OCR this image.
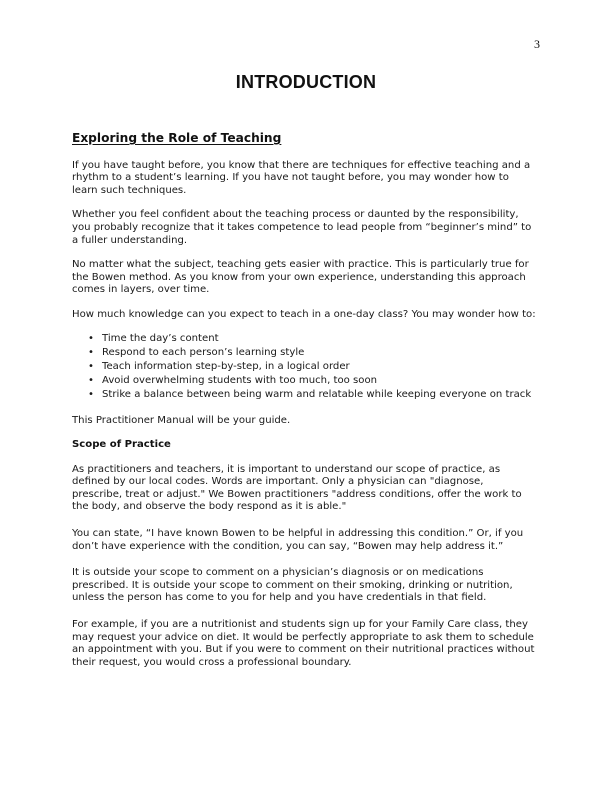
3
INTRODUCTION
Exploring the Role of Teaching

If you have taught before, you know that there are techniques for effective teaching and a rhythm to a student’s learning. If you have not taught before, you may wonder how to learn such techniques.

Whether you feel confident about the teaching process or daunted by the responsibility, you probably recognize that it takes competence to lead people from “beginner’s mind” to a fuller understanding.

No matter what the subject, teaching gets easier with practice. This is particularly true for the Bowen method. As you know from your own experience, understanding this approach comes in layers, over time.

How much knowledge can you expect to teach in a one-day class? You may wonder how to:

• Time the day’s content
• Respond to each person’s learning style
• Teach information step-by-step, in a logical order
• Avoid overwhelming students with too much, too soon
• Strike a balance between being warm and relatable while keeping everyone on track

This Practitioner Manual will be your guide.

Scope of Practice

As practitioners and teachers, it is important to understand our scope of practice, as defined by our local codes. Words are important. Only a physician can "diagnose, prescribe, treat or adjust." We Bowen practitioners "address conditions, offer the work to the body, and observe the body respond as it is able."

You can state, “I have known Bowen to be helpful in addressing this condition.” Or, if you don’t have experience with the condition, you can say, “Bowen may help address it.”

It is outside your scope to comment on a physician’s diagnosis or on medications prescribed. It is outside your scope to comment on their smoking, drinking or nutrition, unless the person has come to you for help and you have credentials in that field.

For example, if you are a nutritionist and students sign up for your Family Care class, they may request your advice on diet. It would be perfectly appropriate to ask them to schedule an appointment with you. But if you were to comment on their nutritional practices without their request, you would cross a professional boundary.
